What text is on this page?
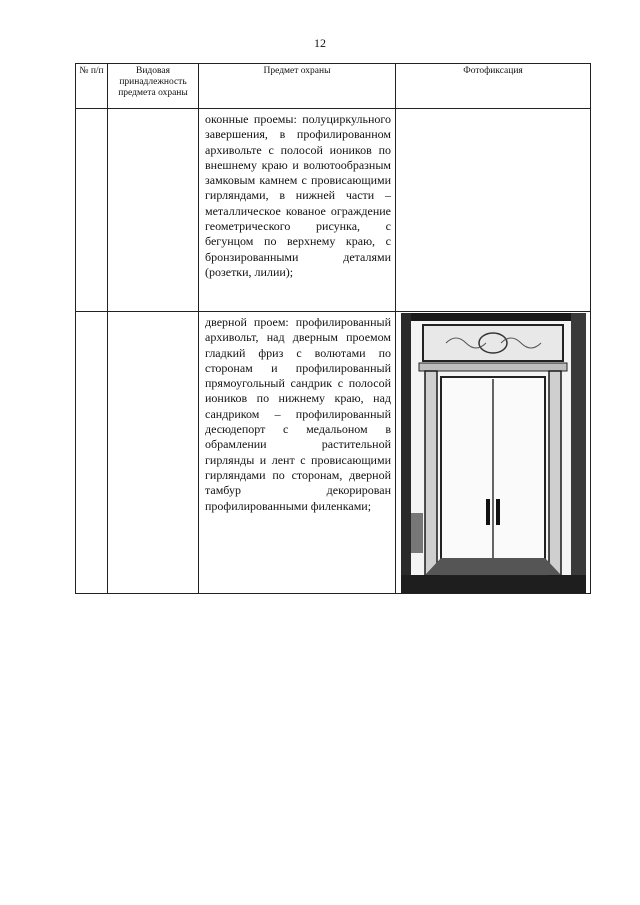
12
№ п/п	Видовая принадлежность предмета охраны	Предмет охраны	Фотофиксация
		оконные проемы: полуциркульного завершения, в профилированном архивольте с полосой иоников по внешнему краю и волютообразным замковым камнем с провисающими гирляндами, в нижней части – металлическое кованое ограждение геометрического рисунка, с бегунцом по верхнему краю, с бронзированными деталями (розетки, лилии);	
		дверной проем: профилированный архивольт, над дверным проемом гладкий фриз с волютами по сторонам и профилированный прямоугольный сандрик с полосой иоников по нижнему краю, над сандриком – профилированный десюдепорт с медальоном в обрамлении растительной гирлянды и лент с провисающими гирляндами по сторонам, дверной тамбур декорирован профилированными филенками;	
